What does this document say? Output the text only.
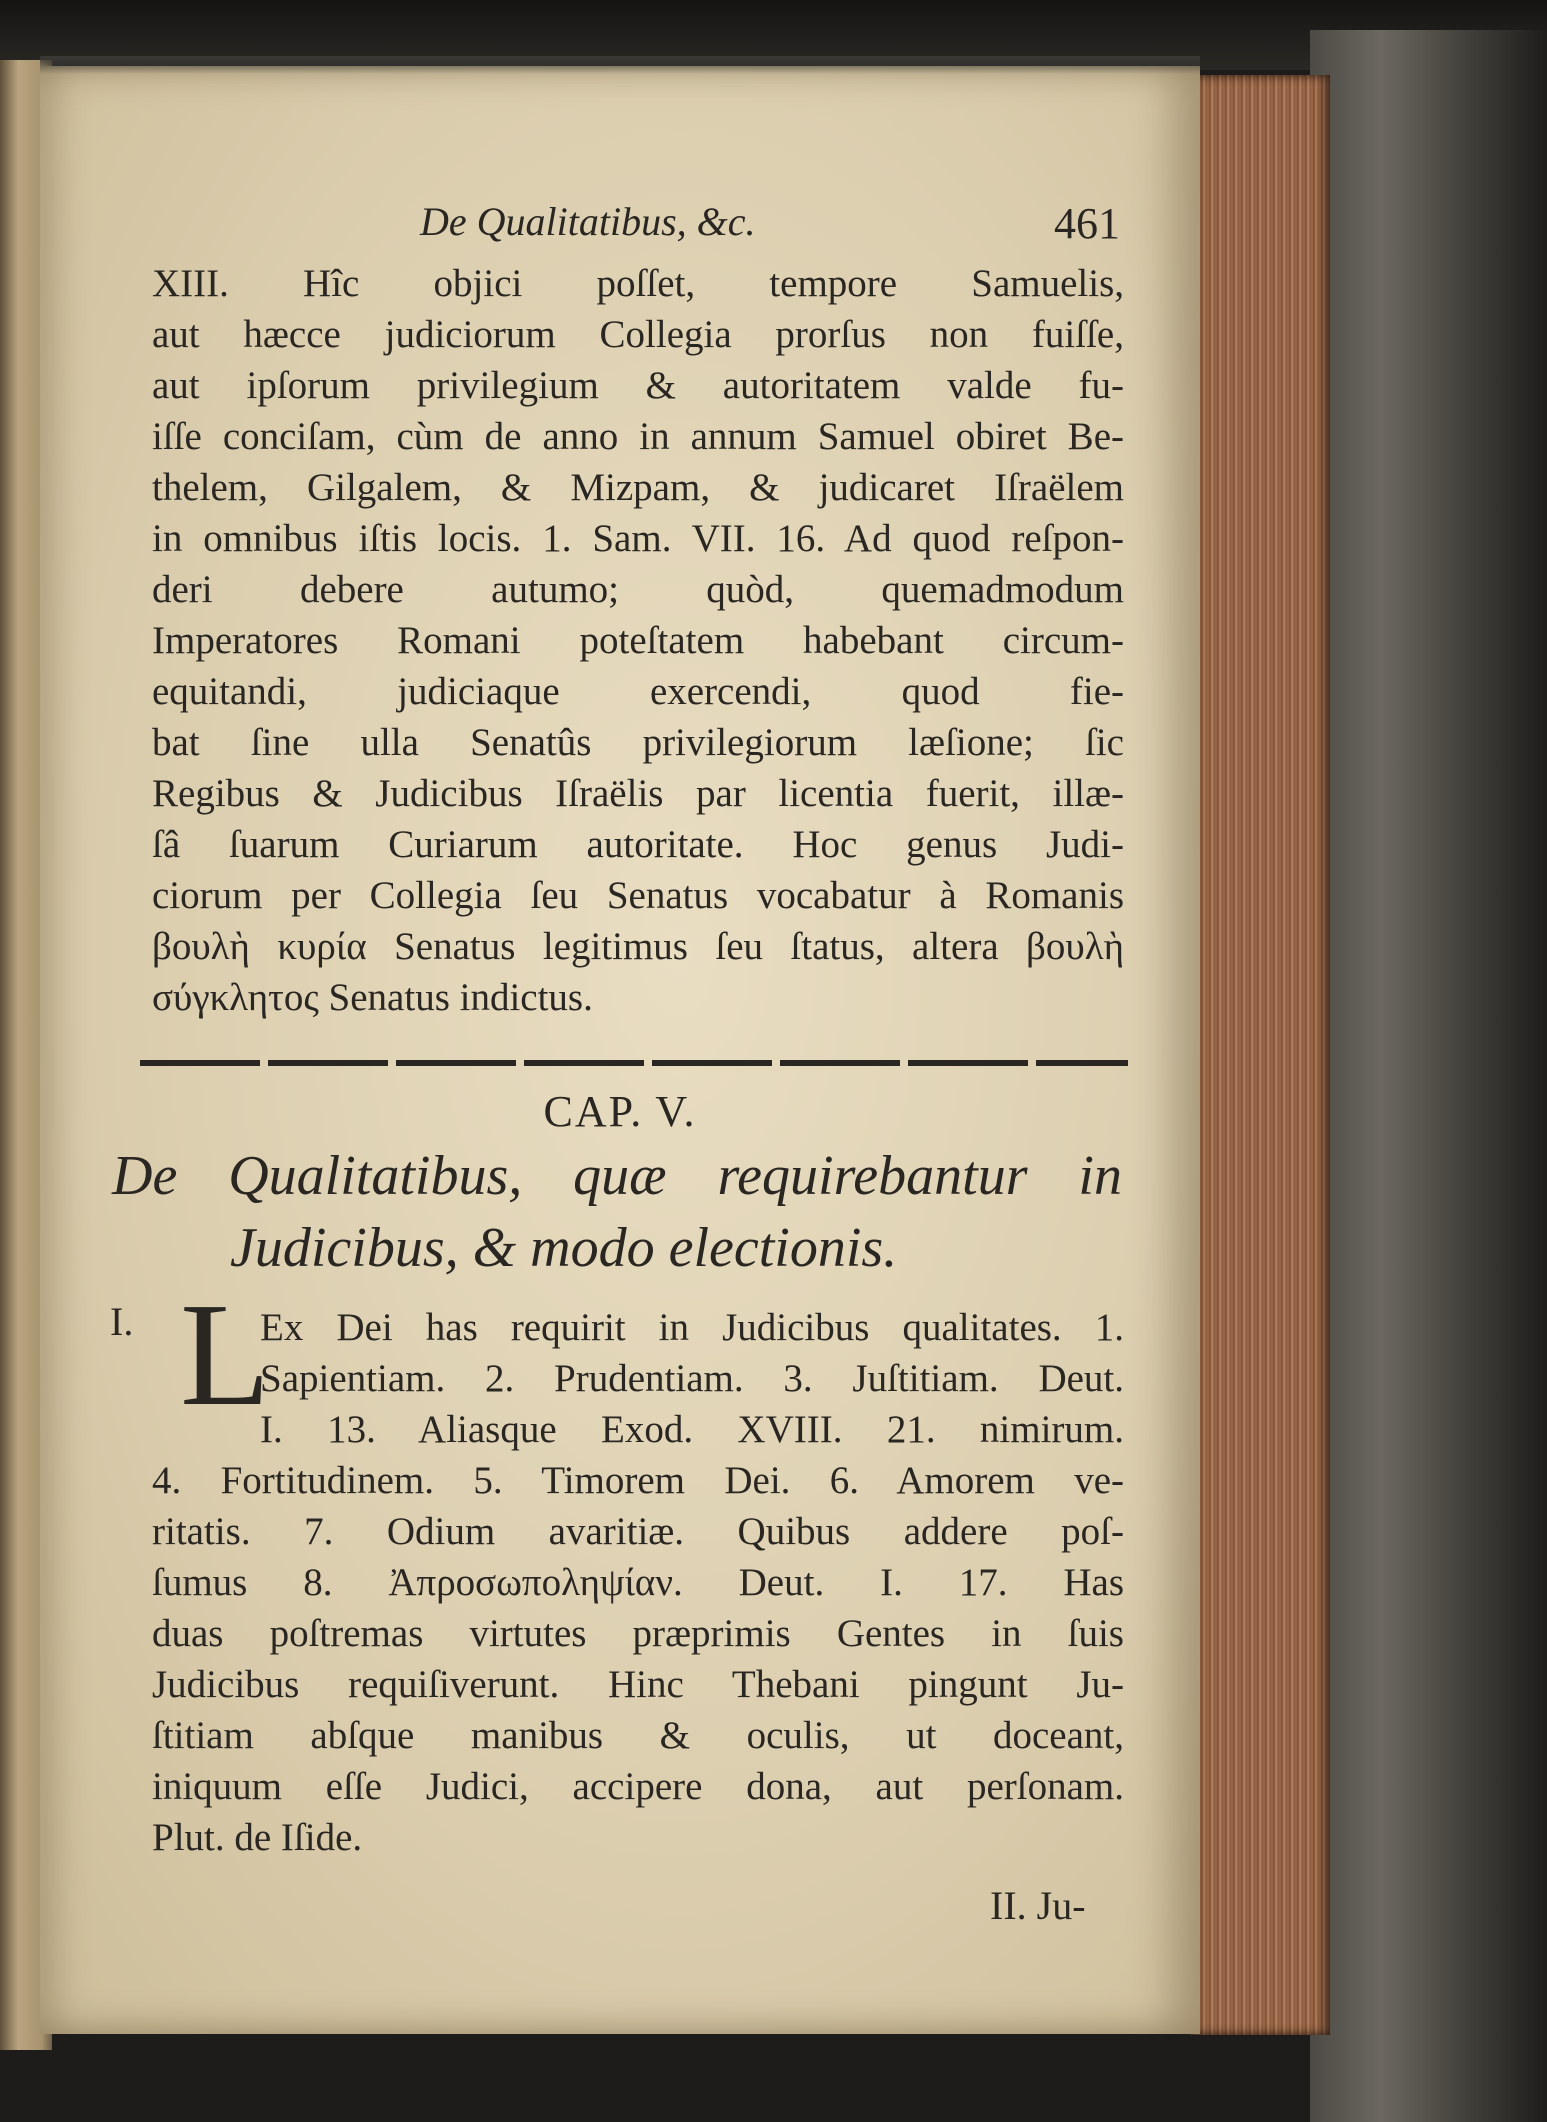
De Qualitatibus, &c.	461
XIII. Hîc objici poſſet, tempore Samuelis,
aut hæcce judiciorum Collegia prorſus non fuiſſe,
aut ipſorum privilegium & autoritatem valde fu-
iſſe conciſam, cùm de anno in annum Samuel obiret Be-
thelem, Gilgalem, & Mizpam, & judicaret Iſraëlem
in omnibus iſtis locis. 1. Sam. VII. 16. Ad quod reſpon-
deri debere autumo; quòd, quemadmodum
Imperatores Romani poteſtatem habebant circum-
equitandi, judiciaque exercendi, quod fie-
bat ſine ulla Senatûs privilegiorum læſione; ſic
Regibus & Judicibus Iſraëlis par licentia fuerit, illæ-
ſâ ſuarum Curiarum autoritate. Hoc genus Judi-
ciorum per Collegia ſeu Senatus vocabatur à Romanis
βουλὴ κυρία Senatus legitimus ſeu ſtatus, altera βουλὴ
σύγκλητος Senatus indictus.
CAP. V.
De Qualitatibus, quæ requirebantur in
Judicibus, & modo electionis.
I. L
Ex Dei has requirit in Judicibus qualitates. 1.
Sapientiam. 2. Prudentiam. 3. Juſtitiam. Deut.
I. 13. Aliasque Exod. XVIII. 21. nimirum.
4. Fortitudinem. 5. Timorem Dei. 6. Amorem ve-
ritatis. 7. Odium avaritiæ. Quibus addere poſ-
ſumus 8. Ἀπροσωποληψίαν. Deut. I. 17. Has
duas poſtremas virtutes præprimis Gentes in ſuis
Judicibus requiſiverunt. Hinc Thebani pingunt Ju-
ſtitiam abſque manibus & oculis, ut doceant,
iniquum eſſe Judici, accipere dona, aut perſonam.
Plut. de Iſide.
II. Ju-
